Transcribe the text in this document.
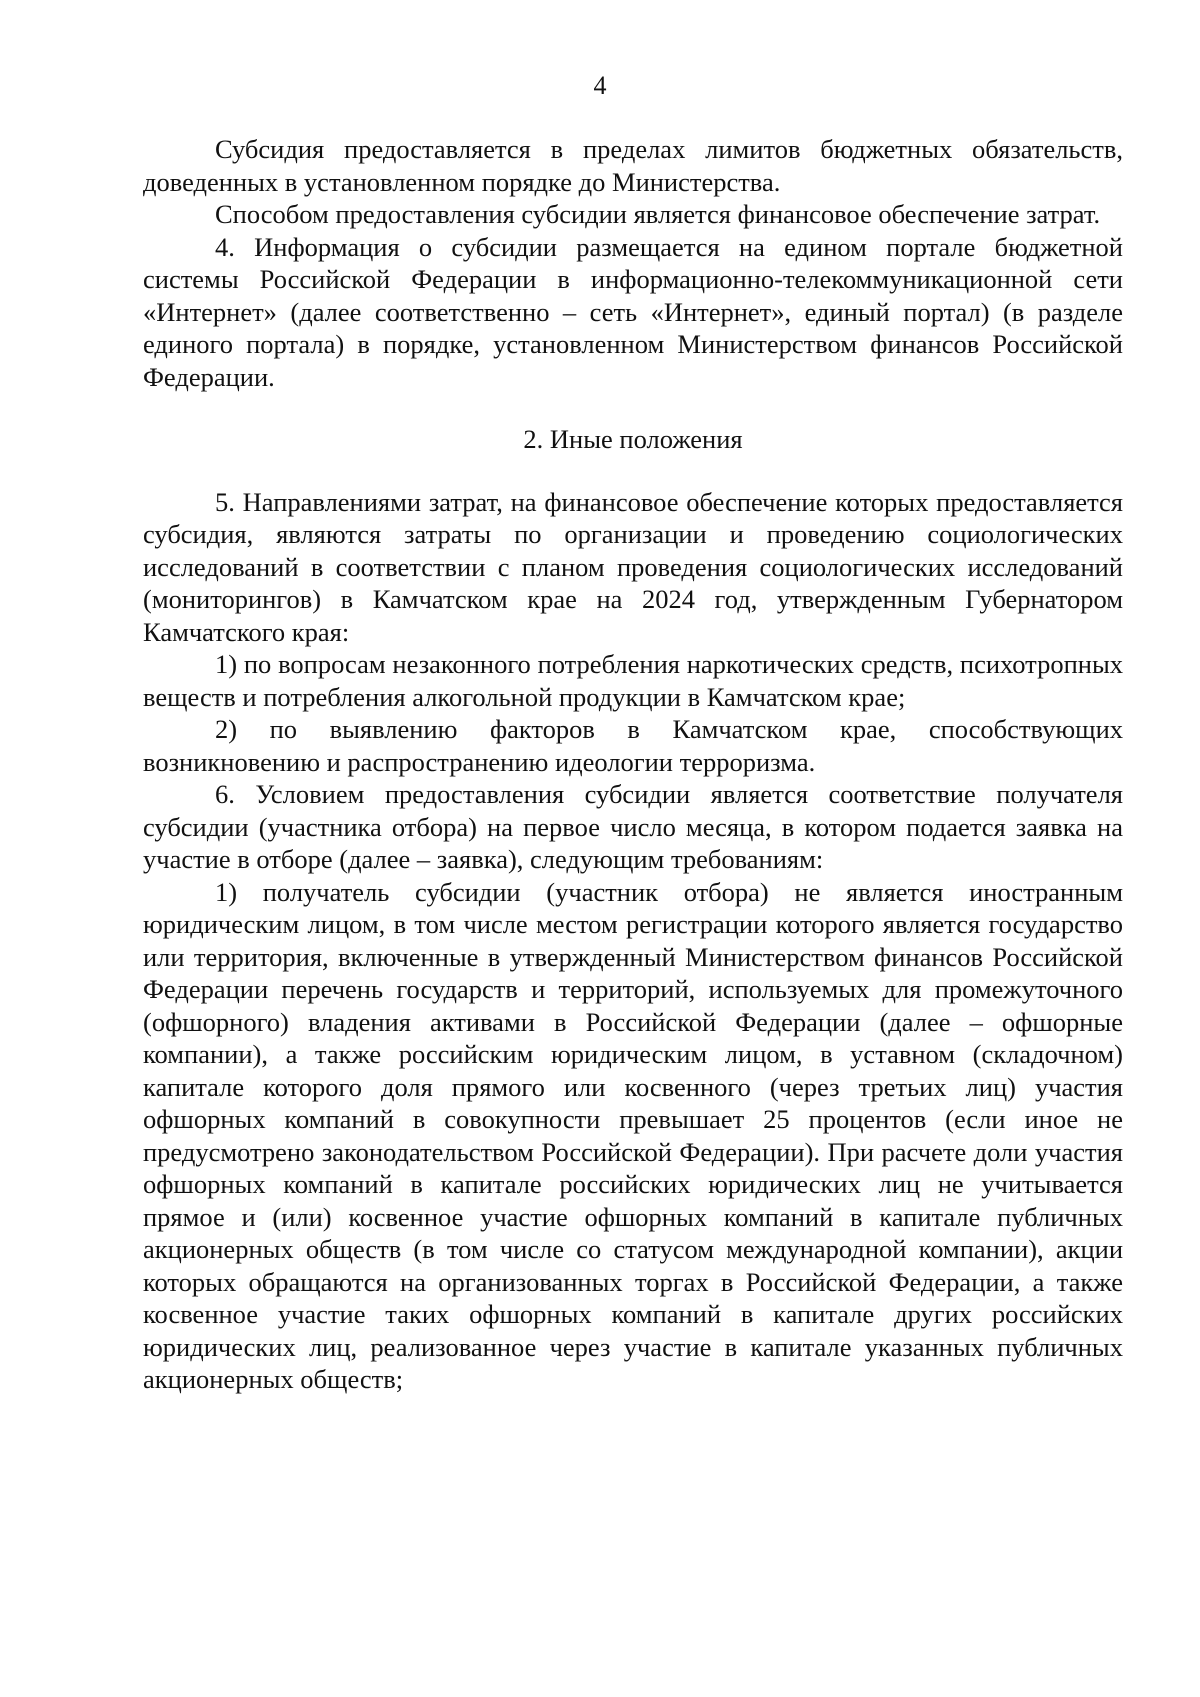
4

Субсидия предоставляется в пределах лимитов бюджетных обязательств, доведенных в установленном порядке до Министерства.

Способом предоставления субсидии является финансовое обеспечение затрат.

4. Информация о субсидии размещается на едином портале бюджетной системы Российской Федерации в информационно-телекоммуникационной сети «Интернет» (далее соответственно – сеть «Интернет», единый портал) (в разделе единого портала) в порядке, установленном Министерством финансов Российской Федерации.

2. Иные положения

5. Направлениями затрат, на финансовое обеспечение которых предоставляется субсидия, являются затраты по организации и проведению социологических исследований в соответствии с планом проведения социологических исследований (мониторингов) в Камчатском крае на 2024 год, утвержденным Губернатором Камчатского края:

1) по вопросам незаконного потребления наркотических средств, психотропных веществ и потребления алкогольной продукции в Камчатском крае;

2) по выявлению факторов в Камчатском крае, способствующих возникновению и распространению идеологии терроризма.

6. Условием предоставления субсидии является соответствие получателя субсидии (участника отбора) на первое число месяца, в котором подается заявка на участие в отборе (далее – заявка), следующим требованиям:

1) получатель субсидии (участник отбора) не является иностранным юридическим лицом, в том числе местом регистрации которого является государство или территория, включенные в утвержденный Министерством финансов Российской Федерации перечень государств и территорий, используемых для промежуточного (офшорного) владения активами в Российской Федерации (далее – офшорные компании), а также российским юридическим лицом, в уставном (складочном) капитале которого доля прямого или косвенного (через третьих лиц) участия офшорных компаний в совокупности превышает 25 процентов (если иное не предусмотрено законодательством Российской Федерации). При расчете доли участия офшорных компаний в капитале российских юридических лиц не учитывается прямое и (или) косвенное участие офшорных компаний в капитале публичных акционерных обществ (в том числе со статусом международной компании), акции которых обращаются на организованных торгах в Российской Федерации, а также косвенное участие таких офшорных компаний в капитале других российских юридических лиц, реализованное через участие в капитале указанных публичных акционерных обществ;
